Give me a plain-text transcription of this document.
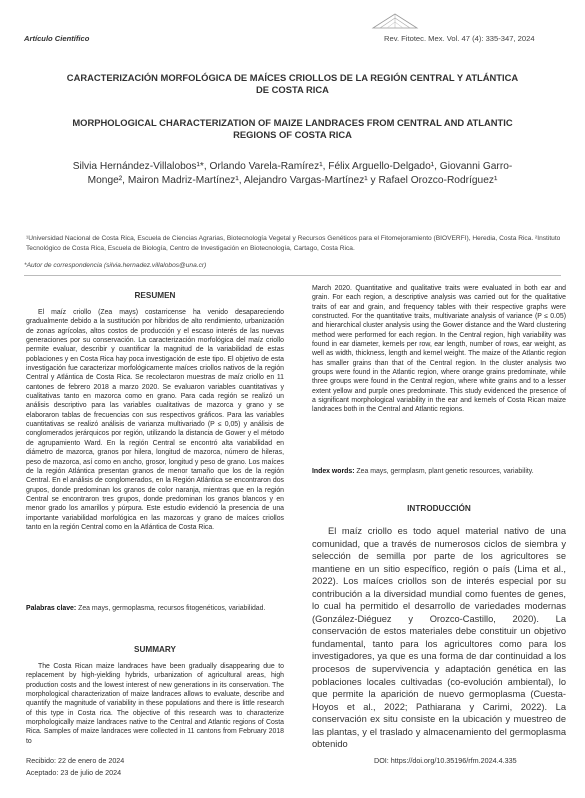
Artículo Científico	Rev. Fitotec. Mex. Vol. 47 (4): 335-347, 2024
CARACTERIZACIÓN MORFOLÓGICA DE MAÍCES CRIOLLOS DE LA REGIÓN CENTRAL Y ATLÁNTICA DE COSTA RICA
MORPHOLOGICAL CHARACTERIZATION OF MAIZE LANDRACES FROM CENTRAL AND ATLANTIC REGIONS OF COSTA RICA
Silvia Hernández-Villalobos¹*, Orlando Varela-Ramírez¹, Félix Arguello-Delgado¹, Giovanni Garro-Monge², Mairon Madriz-Martínez¹, Alejandro Vargas-Martínez¹ y Rafael Orozco-Rodríguez¹
¹Universidad Nacional de Costa Rica, Escuela de Ciencias Agrarias, Biotecnología Vegetal y Recursos Genéticos para el Fitomejoramiento (BIOVERFI), Heredia, Costa Rica. ²Instituto Tecnológico de Costa Rica, Escuela de Biología, Centro de Investigación en Biotecnología, Cartago, Costa Rica.
*Autor de correspondencia (silvia.hernadez.villalobos@una.cr)
RESUMEN
El maíz criollo (Zea mays) costarricense ha venido desapareciendo gradualmente debido a la sustitución por híbridos de alto rendimiento, urbanización de zonas agrícolas, altos costos de producción y el escaso interés de las nuevas generaciones por su conservación. La caracterización morfológica del maíz criollo permite evaluar, describir y cuantificar la magnitud de la variabilidad de estas poblaciones y en Costa Rica hay poca investigación de este tipo. El objetivo de esta investigación fue caracterizar morfológicamente maíces criollos nativos de la región Central y Atlántica de Costa Rica. Se recolectaron muestras de maíz criollo en 11 cantones de febrero 2018 a marzo 2020. Se evaluaron variables cuantitativas y cualitativas tanto en mazorca como en grano. Para cada región se realizó un análisis descriptivo para las variables cualitativas de mazorca y grano y se elaboraron tablas de frecuencias con sus respectivos gráficos. Para las variables cuantitativas se realizó análisis de varianza multivariado (P ≤ 0,05) y análisis de conglomerados jerárquicos por región, utilizando la distancia de Gower y el método de agrupamiento Ward. En la región Central se encontró alta variabilidad en diámetro de mazorca, granos por hilera, longitud de mazorca, número de hileras, peso de mazorca, así como en ancho, grosor, longitud y peso de grano. Los maíces de la región Atlántica presentan granos de menor tamaño que los de la región Central. En el análisis de conglomerados, en la Región Atlántica se encontraron dos grupos, donde predominan los granos de color naranja, mientras que en la región Central se encontraron tres grupos, donde predominan los granos blancos y en menor grado los amarillos y púrpura. Este estudio evidenció la presencia de una importante variabilidad morfológica en las mazorcas y grano de maíces criollos tanto en la región Central como en la Atlántica de Costa Rica.
Palabras clave: Zea mays, germoplasma, recursos fitogenéticos, variabilidad.
SUMMARY
The Costa Rican maize landraces have been gradually disappearing due to replacement by high-yielding hybrids, urbanization of agricultural areas, high production costs and the lowest interest of new generations in its conservation. The morphological characterization of maize landraces allows to evaluate, describe and quantify the magnitude of variability in these populations and there is little research of this type in Costa rica. The objective of this research was to characterize morphologically maize landraces native to the Central and Atlantic regions of Costa Rica. Samples of maize landraces were collected in 11 cantons from February 2018 to
March 2020. Quantitative and qualitative traits were evaluated in both ear and grain. For each region, a descriptive analysis was carried out for the qualitative traits of ear and grain, and frequency tables with their respective graphs were constructed. For the quantitative traits, multivariate analysis of variance (P ≤ 0.05) and hierarchical cluster analysis using the Gower distance and the Ward clustering method were performed for each region. In the Central region, high variability was found in ear diameter, kernels per row, ear length, number of rows, ear weight, as well as width, thickness, length and kernel weight. The maize of the Atlantic region has smaller grains than that of the Central region. In the cluster analysis two groups were found in the Atlantic region, where orange grains predominate, while three groups were found in the Central region, where white grains and to a lesser extent yellow and purple ones predominate. This study evidenced the presence of a significant morphological variability in the ear and kernels of Costa Rican maize landraces both in the Central and Atlantic regions.
Index words: Zea mays, germplasm, plant genetic resources, variability.
INTRODUCCIÓN
El maíz criollo es todo aquel material nativo de una comunidad, que a través de numerosos ciclos de siembra y selección de semilla por parte de los agricultores se mantiene en un sitio específico, región o país (Lima et al., 2022). Los maíces criollos son de interés especial por su contribución a la diversidad mundial como fuentes de genes, lo cual ha permitido el desarrollo de variedades modernas (González-Diéguez y Orozco-Castillo, 2020). La conservación de estos materiales debe constituir un objetivo fundamental, tanto para los agricultores como para los investigadores, ya que es una forma de dar continuidad a los procesos de supervivencia y adaptación genética en las poblaciones locales cultivadas (co-evolución ambiental), lo que permite la aparición de nuevo germoplasma (Cuesta-Hoyos et al., 2022; Pathiarana y Carimi, 2022). La conservación ex situ consiste en la ubicación y muestreo de las plantas, y el traslado y almacenamiento del germoplasma obtenido
Recibido: 22 de enero de 2024
Aceptado: 23 de julio de 2024
DOI: https://doi.org/10.35196/rfm.2024.4.335
